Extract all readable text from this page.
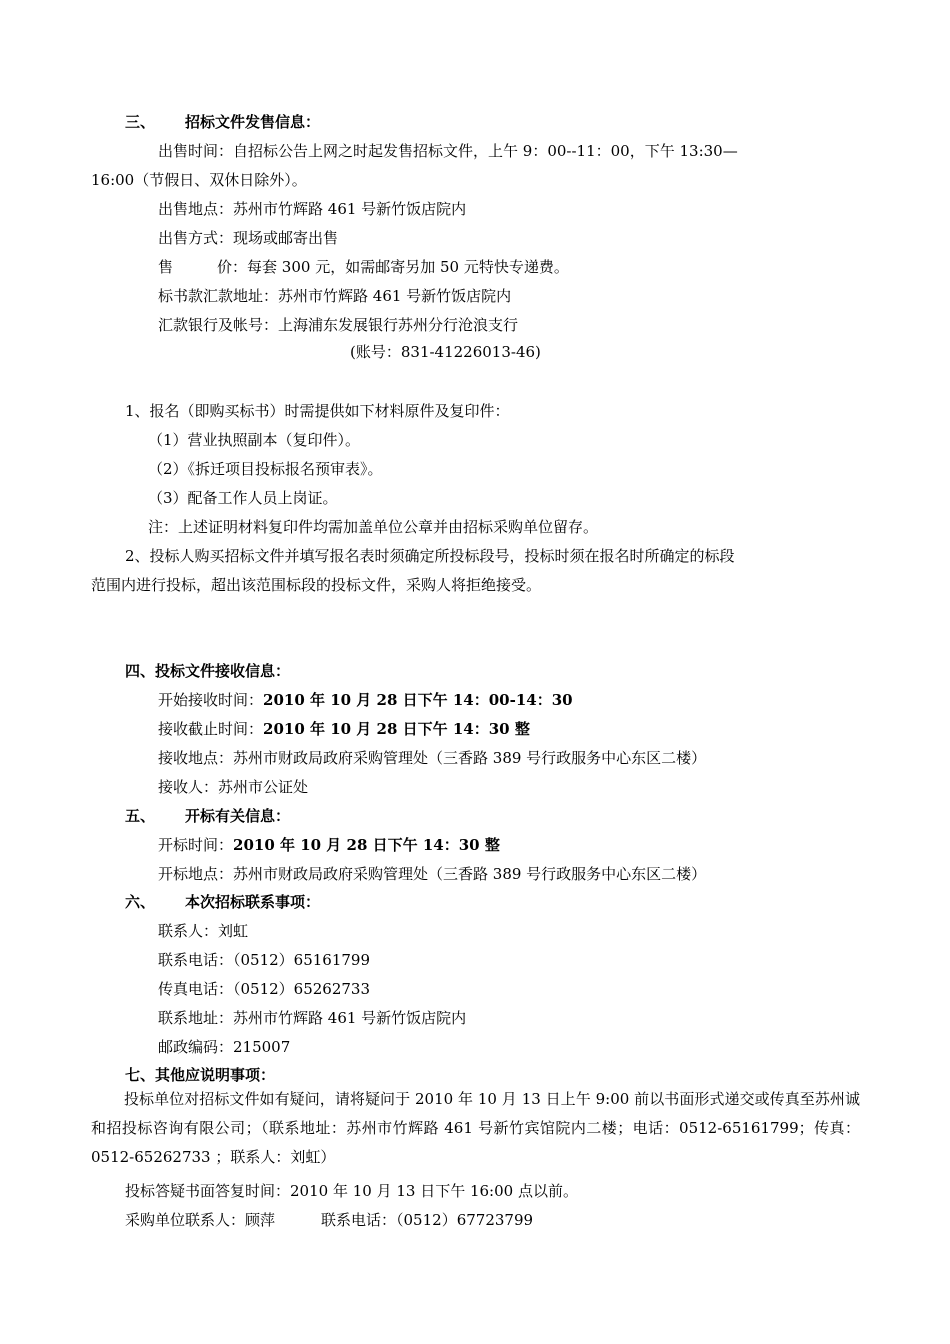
三、 招标文件发售信息：
出售时间：自招标公告上网之时起发售招标文件，上午 9：00--11：00，下午 13:30—
16:00（节假日、双休日除外）。
出售地点：苏州市竹辉路 461 号新竹饭店院内
出售方式：现场或邮寄出售
售	价：每套 300 元，如需邮寄另加 50 元特快专递费。
标书款汇款地址：苏州市竹辉路 461 号新竹饭店院内
汇款银行及帐号：上海浦东发展银行苏州分行沧浪支行
(账号：831-41226013-46)
1、报名（即购买标书）时需提供如下材料原件及复印件：
（1）营业执照副本（复印件）。
（2）《拆迁项目投标报名预审表》。
（3）配备工作人员上岗证。
注：上述证明材料复印件均需加盖单位公章并由招标采购单位留存。
2、投标人购买招标文件并填写报名表时须确定所投标段号，投标时须在报名时所确定的标段
范围内进行投标，超出该范围标段的投标文件，采购人将拒绝接受。
四、投标文件接收信息：
开始接收时间：2010 年 10 月 28 日下午 14：00-14：30
接收截止时间：2010 年 10 月 28 日下午 14：30 整
接收地点：苏州市财政局政府采购管理处（三香路 389 号行政服务中心东区二楼）
接收人：苏州市公证处
五、 开标有关信息：
开标时间：2010 年 10 月 28 日下午 14：30 整
开标地点：苏州市财政局政府采购管理处（三香路 389 号行政服务中心东区二楼）
六、 本次招标联系事项：
联系人：刘虹
联系电话：（0512）65161799
传真电话：（0512）65262733
联系地址：苏州市竹辉路 461 号新竹饭店院内
邮政编码：215007
七、其他应说明事项：
投标单位对招标文件如有疑问，请将疑问于 2010 年 10 月 13 日上午 9:00 前以书面形式递交或传真至苏州诚和招投标咨询有限公司；（联系地址：苏州市竹辉路 461 号新竹宾馆院内二楼；电话：0512-65161799；传真：0512-65262733 ；联系人：刘虹）
投标答疑书面答复时间：2010 年 10 月 13 日下午 16:00 点以前。
采购单位联系人：顾萍	联系电话：（0512）67723799
